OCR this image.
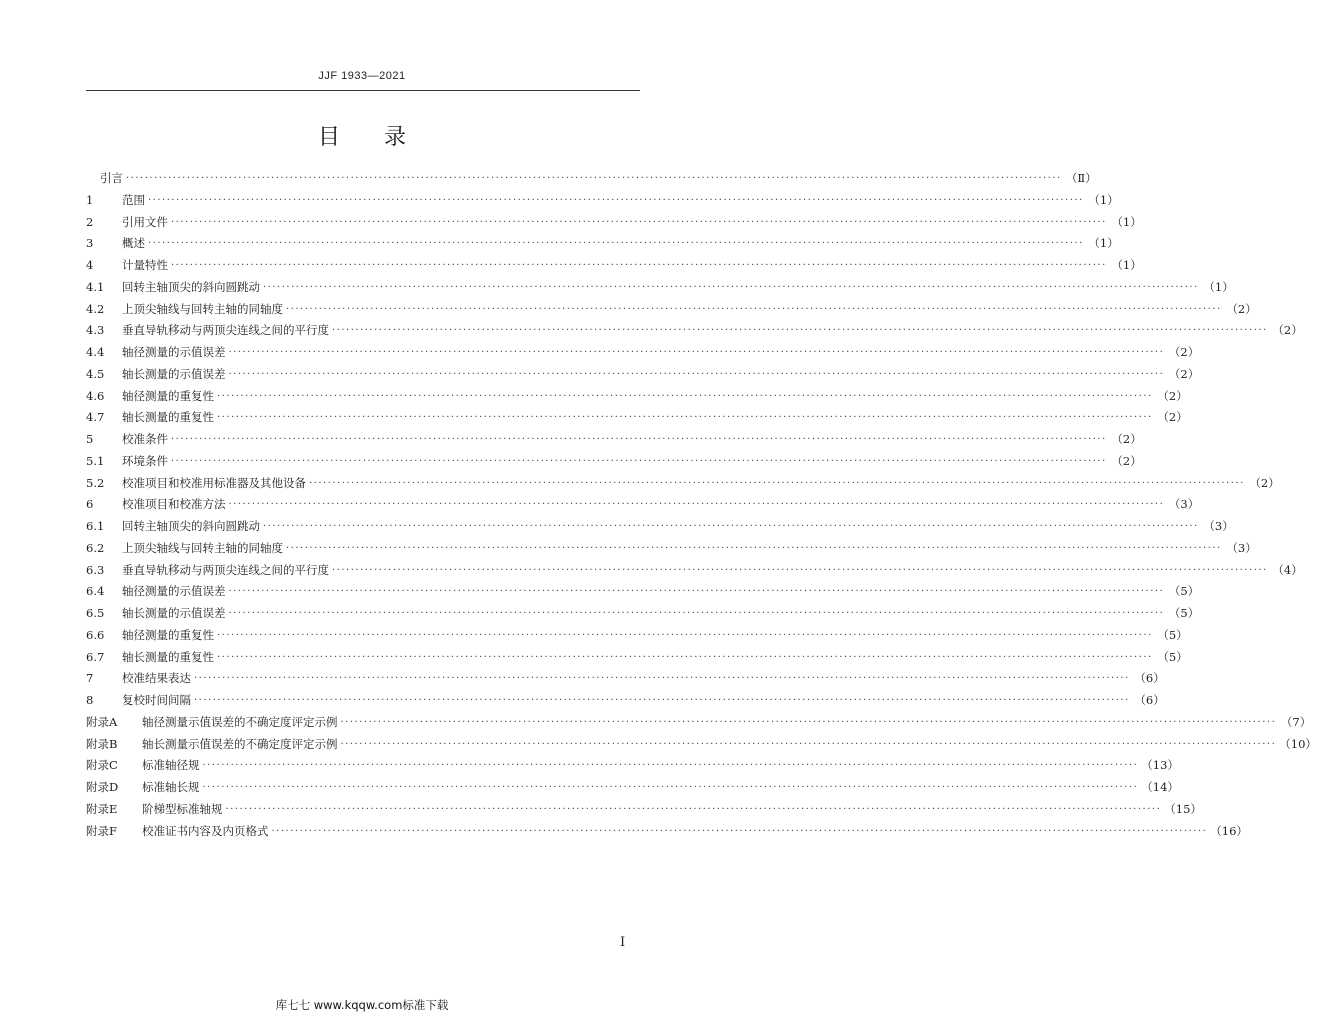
JJF 1933—2021
目录
引言 ········································································································································································································ （Ⅱ）
1	范围 ········································································································································································································ （1）
2	引用文件 ········································································································································································································ （1）
3	概述 ········································································································································································································ （1）
4	计量特性 ········································································································································································································ （1）
4.1	回转主轴顶尖的斜向圆跳动 ········································································································································································································ （1）
4.2	上顶尖轴线与回转主轴的同轴度 ········································································································································································································ （2）
4.3	垂直导轨移动与两顶尖连线之间的平行度 ········································································································································································································ （2）
4.4	轴径测量的示值误差 ········································································································································································································ （2）
4.5	轴长测量的示值误差 ········································································································································································································ （2）
4.6	轴径测量的重复性 ········································································································································································································ （2）
4.7	轴长测量的重复性 ········································································································································································································ （2）
5	校准条件 ········································································································································································································ （2）
5.1	环境条件 ········································································································································································································ （2）
5.2	校准项目和校准用标准器及其他设备 ········································································································································································································ （2）
6	校准项目和校准方法 ········································································································································································································ （3）
6.1	回转主轴顶尖的斜向圆跳动 ········································································································································································································ （3）
6.2	上顶尖轴线与回转主轴的同轴度 ········································································································································································································ （3）
6.3	垂直导轨移动与两顶尖连线之间的平行度 ········································································································································································································ （4）
6.4	轴径测量的示值误差 ········································································································································································································ （5）
6.5	轴长测量的示值误差 ········································································································································································································ （5）
6.6	轴径测量的重复性 ········································································································································································································ （5）
6.7	轴长测量的重复性 ········································································································································································································ （5）
7	校准结果表达 ········································································································································································································ （6）
8	复校时间间隔 ········································································································································································································ （6）
附录A	轴径测量示值误差的不确定度评定示例 ········································································································································································································ （7）
附录B	轴长测量示值误差的不确定度评定示例 ········································································································································································································ （10）
附录C	标准轴径规 ········································································································································································································ （13）
附录D	标准轴长规 ········································································································································································································ （14）
附录E	阶梯型标准轴规 ········································································································································································································ （15）
附录F	校准证书内容及内页格式 ········································································································································································································ （16）
I
库七七 www.kqqw.com标准下载
